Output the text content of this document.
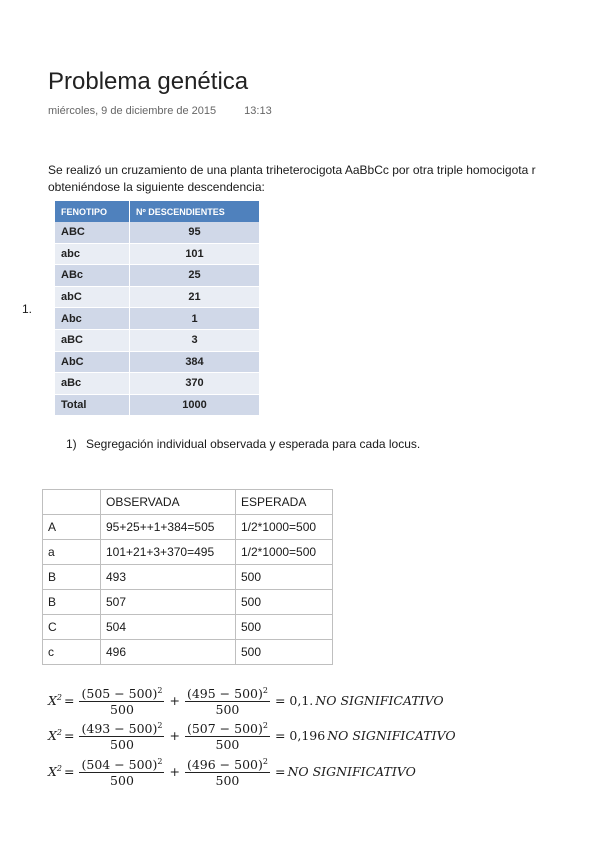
Problema genética
miércoles, 9 de diciembre de 2015	13:13
Se realizó un cruzamiento de una planta triheterocigota AaBbCc por otra triple homocigota r
obteniéndose la siguiente descendencia:
1.
FENOTIPO	Nº DESCENDIENTES
ABC	95
abc	101
ABc	25
abC	21
Abc	1
aBC	3
AbC	384
aBc	370
Total	1000
1) Segregación individual observada y esperada para cada locus.
	OBSERVADA	ESPERADA
A	95+25++1+384=505	1/2*1000=500
a	101+21+3+370=495	1/2*1000=500
B	493	500
B	507	500
C	504	500
c	496	500
$X^2 = \frac{(505 - 500)^2}{500} + \frac{(495 - 500)^2}{500} = 0,1$. NO SIGNIFICATIVO
$X^2 = \frac{(493 - 500)^2}{500} + \frac{(507 - 500)^2}{500} = 0,196$ NO SIGNIFICATIVO
$X^2 = \frac{(504 - 500)^2}{500} + \frac{(496 - 500)^2}{500}$ = NO SIGNIFICATIVO
